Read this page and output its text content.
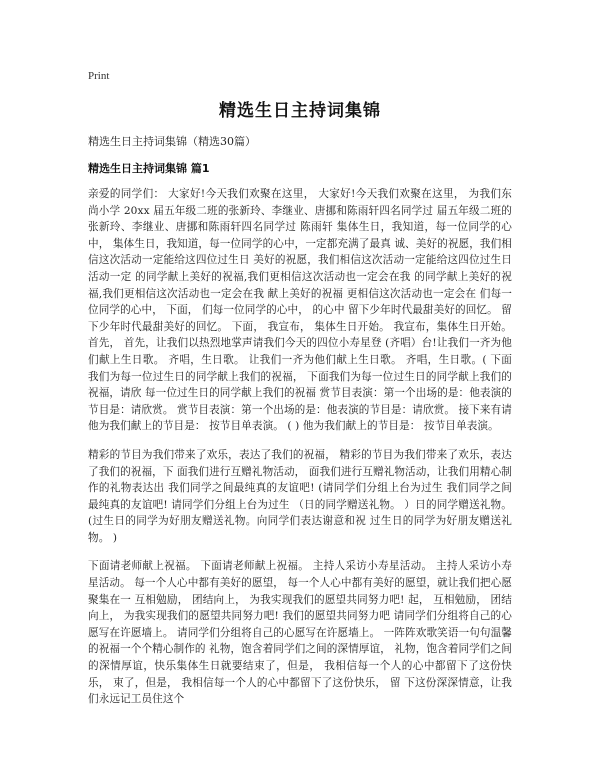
Print
精选生日主持词集锦
精选生日主持词集锦（精选30篇）
精选生日主持词集锦 篇1

亲爱的同学们： 大家好!今天我们欢聚在这里， 大家好!今天我们欢聚在这里， 为我们东尚小学 20xx 届五年级二班的张新玲、李继业、唐挪和陈雨轩四名同学过 届五年级二班的张新玲、李继业、唐挪和陈雨轩四名同学过 陈雨轩 集体生日，我知道，每一位同学的心中， 集体生日，我知道，每一位同学的心中，一定都充满了最真 诚、美好的祝愿，我们相信这次活动一定能给这四位过生日 美好的祝愿，我们相信这次活动一定能给这四位过生日 活动一定 的同学献上美好的祝福,我们更相信这次活动也一定会在我 的同学献上美好的祝福,我们更相信这次活动也一定会在我 献上美好的祝福 更相信这次活动也一定会在 们每一位同学的心中， 下面， 们每一位同学的心中， 的心中 留下少年时代最甜美好的回忆。 留下少年时代最甜美好的回忆。 下面， 我宣布， 集体生日开始。 我宣布，集体生日开始。 首先， 首先，让我们以热烈地掌声请我们今天的四位小寿星登 (齐唱）台!让我们一齐为他们献上生日歌。 齐唱，生日歌。 让我们一齐为他们献上生日歌。 齐唱，生日歌。( 下面我们为每一位过生日的同学献上我们的祝福， 下面我们为每一位过生日的同学献上我们的祝福，请欣 每一位过生日的同学献上我们的祝福 赏节目表演：第一个出场的是：他表演的节目是：请欣赏。 赏节目表演：第一个出场的是：他表演的节目是：请欣赏。 接下来有请 他为我们献上的节目是： 按节目单表演。 ( ) 他为我们献上的节目是： 按节目单表演。

精彩的节目为我们带来了欢乐，表达了我们的祝福， 精彩的节目为我们带来了欢乐，表达了我们的祝福，下 面我们进行互赠礼物活动， 面我们进行互赠礼物活动，让我们用精心制作的礼物表达出 我们同学之间最纯真的友谊吧! (请同学们分组上台为过生 我们同学之间最纯真的友谊吧! 请同学们分组上台为过生 （日的同学赠送礼物。 ）日的同学赠送礼物。 (过生日的同学为好朋友赠送礼物。向同学们表达谢意和祝 过生日的同学为好朋友赠送礼物。 )

下面请老师献上祝福。 下面请老师献上祝福。 主持人采访小寿星活动。 主持人采访小寿星活动。 每一个人心中都有美好的愿望， 每一个人心中都有美好的愿望，就让我们把心愿聚集在一 互相勉励， 团结向上， 为我实现我们的愿望共同努力吧! 起， 互相勉励， 团结向上， 为我实现我们的愿望共同努力吧! 我们的愿望共同努力吧 请同学们分组将自己的心愿写在许愿墙上。 请同学们分组将自己的心愿写在许愿墙上。 一阵阵欢歌笑语一句句温馨的祝福一个个精心制作的 礼物，饱含着同学们之间的深情厚谊， 礼物，饱含着同学们之间的深情厚谊，快乐集体生日就要结束了，但是， 我相信每一个人的心中都留下了这份快乐， 束了，但是， 我相信每一个人的心中都留下了这份快乐， 留 下这份深深情意，让我们永远记工员住这个
